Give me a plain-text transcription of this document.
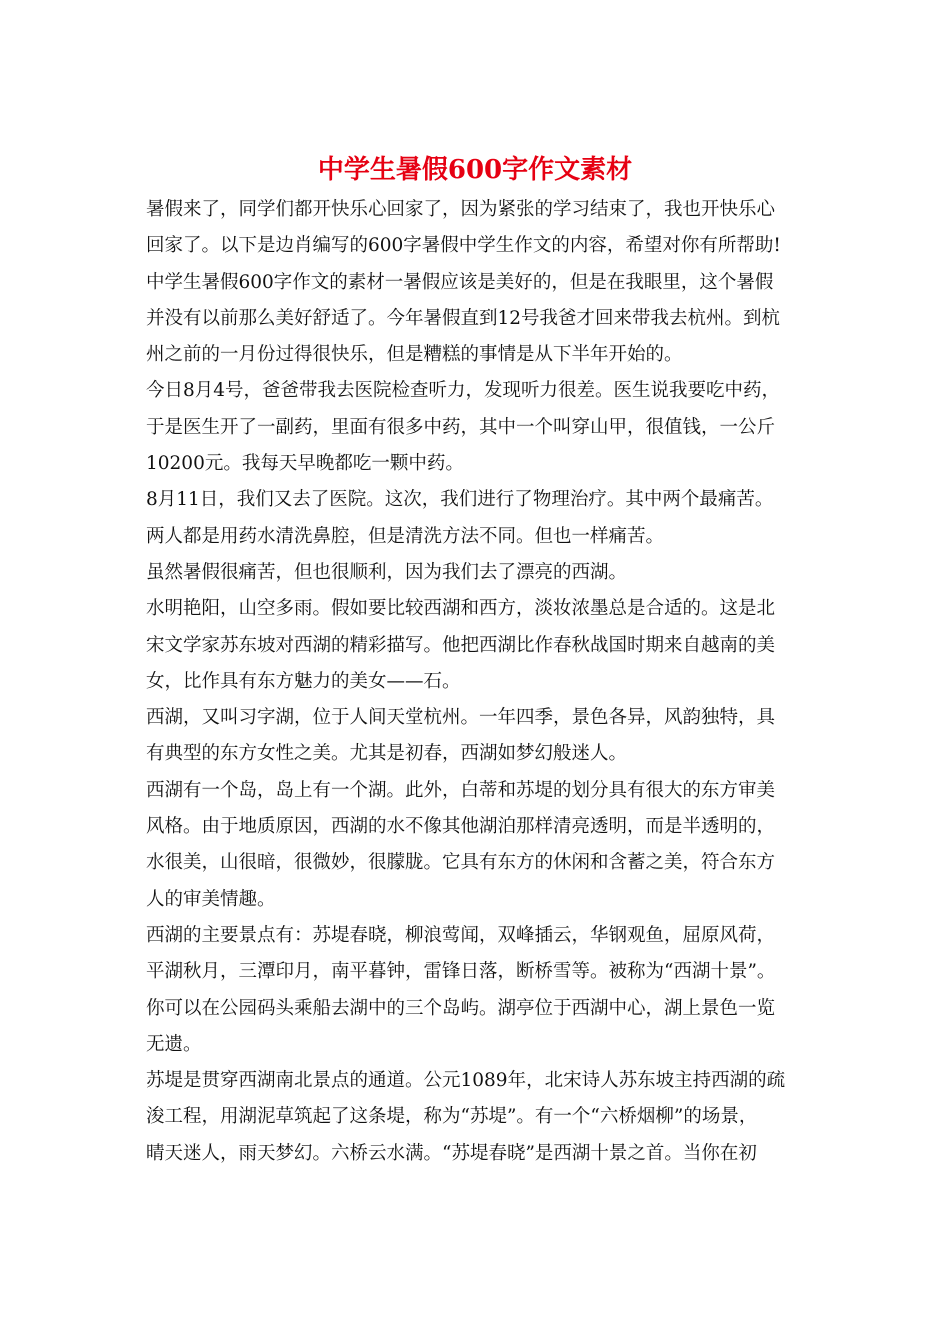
中学生暑假600字作文素材
暑假来了，同学们都开快乐心回家了，因为紧张的学习结束了，我也开快乐心
回家了。以下是边肖编写的600字暑假中学生作文的内容，希望对你有所帮助!
中学生暑假600字作文的素材一暑假应该是美好的，但是在我眼里，这个暑假
并没有以前那么美好舒适了。今年暑假直到12号我爸才回来带我去杭州。到杭
州之前的一月份过得很快乐，但是糟糕的事情是从下半年开始的。
今日8月4号，爸爸带我去医院检查听力，发现听力很差。医生说我要吃中药，
于是医生开了一副药，里面有很多中药，其中一个叫穿山甲，很值钱，一公斤
10200元。我每天早晚都吃一颗中药。
8月11日，我们又去了医院。这次，我们进行了物理治疗。其中两个最痛苦。
两人都是用药水清洗鼻腔，但是清洗方法不同。但也一样痛苦。
虽然暑假很痛苦，但也很顺利，因为我们去了漂亮的西湖。
水明艳阳，山空多雨。假如要比较西湖和西方，淡妆浓墨总是合适的。这是北
宋文学家苏东坡对西湖的精彩描写。他把西湖比作春秋战国时期来自越南的美
女，比作具有东方魅力的美女——石。
西湖，又叫习字湖，位于人间天堂杭州。一年四季，景色各异，风韵独特，具
有典型的东方女性之美。尤其是初春，西湖如梦幻般迷人。
西湖有一个岛，岛上有一个湖。此外，白蒂和苏堤的划分具有很大的东方审美
风格。由于地质原因，西湖的水不像其他湖泊那样清亮透明，而是半透明的，
水很美，山很暗，很微妙，很朦胧。它具有东方的休闲和含蓄之美，符合东方
人的审美情趣。
西湖的主要景点有：苏堤春晓，柳浪莺闻，双峰插云，华钢观鱼，屈原风荷，
平湖秋月，三潭印月，南平暮钟，雷锋日落，断桥雪等。被称为“西湖十景”。
你可以在公园码头乘船去湖中的三个岛屿。湖亭位于西湖中心，湖上景色一览
无遗。
苏堤是贯穿西湖南北景点的通道。公元1089年，北宋诗人苏东坡主持西湖的疏
浚工程，用湖泥草筑起了这条堤，称为“苏堤”。有一个“六桥烟柳”的场景，
晴天迷人，雨天梦幻。六桥云水满。“苏堤春晓”是西湖十景之首。当你在初
